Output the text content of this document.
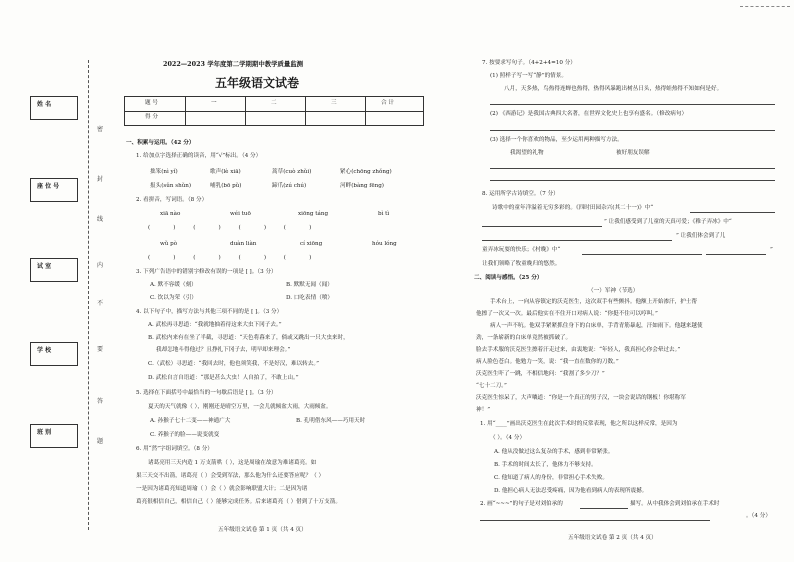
姓 名
座 位 号
试 室
学 校
班 别
密
封
线
内
不
要
答
题
2022—2023 学年度第二学期期中教学质量监测
五年级语文试卷
题 号	一	二	三	合 计
得 分
一、积累与运用。（42 分）
1. 给加点字选择正确的读音，用“√”标出。（4 分）
拙笨(nì yǐ)	歌声(lè xiā)	蒿草(cuò zhǔi)	紧心(chōng zhǒng)
报头(sǔn shǔn)	哺乳(bō pǔ)	蹄爪(zú chú)	河畔(bàng fēng)
2. 看拼音，写词语。（8 分）
xiā nào	wéi tuō	xiōng táng	bì tì
(             )          (             )          (             )          (             )
wǔ pò	duàn liàn	cí xiōng	hóu lóng
(             )          (             )          (             )          (             )
3. 下列广告语中的错别字修改有误的一项是 [ ]。（3 分）
A. 默不容缓（刻）	B. 默默无闻（闻）
C. 饮以为荣（引）	D. 口吃表情（喷）
4. 以下句子中，描写方法与其他三项不同的是 [ ]。（3 分）
A. 武松再寻思道：“我就地抽着待这来大虫下冈子去。”
B. 武松内来有在坐了半截，寻思道：“天色将暮来了，倘或又跳出一只大虫来时，
我却怎地斗得他过？且挣扎下冈子去，明早却来理会。”
C.（武松）寻思道：“我回去时，他也须笑我，不是好汉，难以转去。”
D. 武松自言自语道：“那是甚么大虫！人自拍了，不敢上山。”
5. 选择在下面括号中最恰当的一句歇后语是 [ ]。（3 分）
夏天的天气就像（ ），刚刚还是晴空万里，一会儿就倾盆大雨，大雨倾盆。
A. 孙猴子七十二变——神通广大	B. 孔明借东风——巧用天时
C. 养猴子的脸——说变就变
6. 用“然”字组词填空。（8 分）
诸葛亮用三天内造 1 万支箭哄（ ），这是周瑜在故意为难诸葛亮。如
果三天交不出箭，诸葛亮（ ）会受到军法，那么他为什么还要答应呢？（ ）
一是因为诸葛亮知道周瑜（ ）会（ ）就会影响联盟大计；二是因为诸
葛亮很相信自己，相信自己（ ）能够完成任务。后来诸葛亮（ ）借到了十万支箭。
五年级语文试卷 第 1 页（共 4 页）
7. 按要求写句子。（4+2+4=10 分）
(1) 照样子写一写“静”的情景。
八月，天多热，鸟热得连蝉也热得，热得风暴跑出树丛日头，热得蛙热得不知如何是好。
(2) 《西游记》是我国古典四大名著，在世界文化史上也享有盛名。（修改病句）
(3) 选择一个你喜欢的物品，至少运用两种描写方法。
我渴望的礼物	被好朋友误解
8. 运用所学古诗填空。（7 分）
诗歌中的童年洋溢着无穷多彩的。《四时田园杂兴(其二十一)》中“
” 让我们感受到了儿童的天真可爱；《稚子弄冰》中“
” 让我们体会到了儿
童弄冰玩耍的快乐；《村晚》中“	”
让我们领略了牧童晚归的悠然。
二、阅读与感悟。（25 分）
（一）军神（节选）
手术台上，一向从容镇定的沃克医生，这次双手有些颤抖。他额上开始渗汗，护士帮
他擦了一次又一次。最后他实在不住开口对病人说：“你挺不住可以哼叫。”
病人一声不吭。他双手紧紧抓住身下的白床单，手背青筋暴起，汗如雨下。他越来越使
劲，一条崭新的白床单竟然被抓破了。
脸去手术服的沃克医生擦着汗走过来，由衷地说：“年轻人，我真担心你会晕过去。”
病人脸色苍白。他勉力一笑，说：“我一直在数你的刀数。”
沃克医生吓了一跳，不相信地问：“我割了多少刀？”
“七十二刀。”
沃克医生惊呆了，大声嚷道：“你是一个真正的男子汉，一块会说话的钢板！你堪称军
神！”
1. 用“____”画出沃克医生在此次手术时的反常表现，他之所以这样反常，是因为
（ ）。（4 分）
A. 他从没做过这么复杂的手术，感到非常紧张。
B. 手术的时间太长了，他体力不够支持。
C. 他知道了病人的身份，非常担心手术失败。
D. 他担心病人无法忍受疼痛，因为他看到病人的表现所震撼。
2. 画“~~~”的句子是对刘伯承的	描写。从中我体会到刘伯承在手术时
。（4 分）
五年级语文试卷 第 2 页（共 4 页）
